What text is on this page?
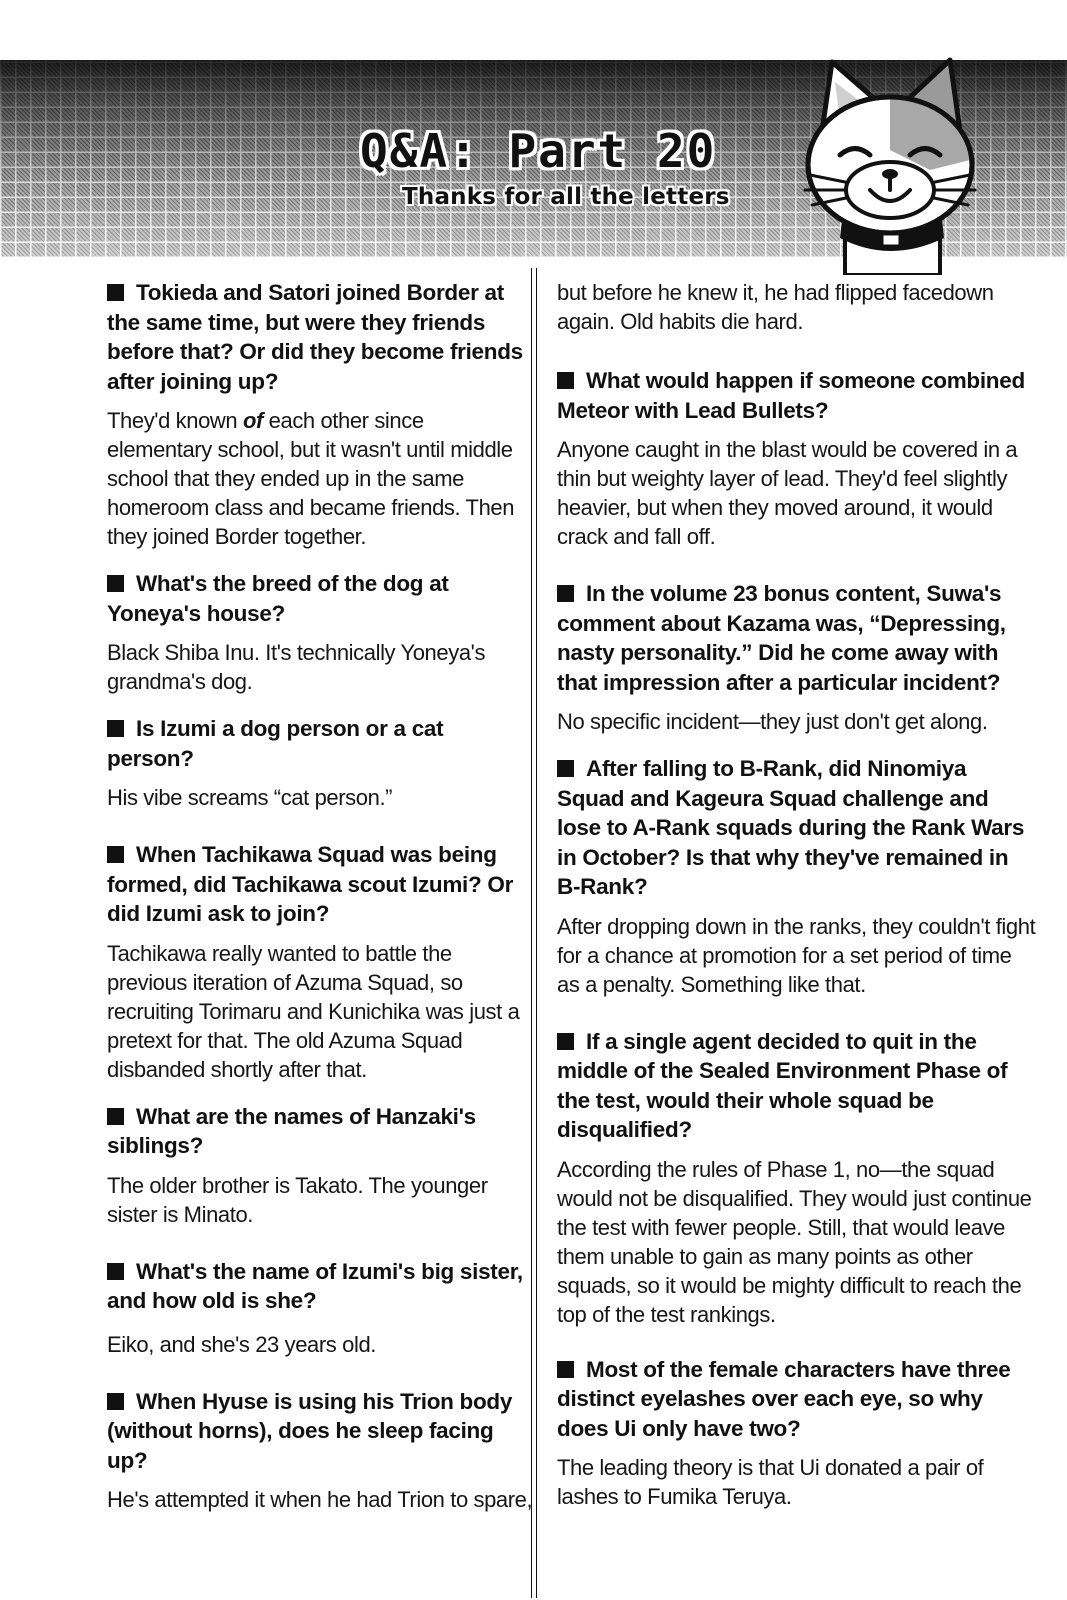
Q&A: Part 20
Thanks for all the letters

Tokieda and Satori joined Border at the same time, but were they friends before that? Or did they become friends after joining up?

They'd known of each other since elementary school, but it wasn't until middle school that they ended up in the same homeroom class and became friends. Then they joined Border together.

What's the breed of the dog at Yoneya's house?

Black Shiba Inu. It's technically Yoneya's grandma's dog.

Is Izumi a dog person or a cat person?

His vibe screams “cat person.”

When Tachikawa Squad was being formed, did Tachikawa scout Izumi? Or did Izumi ask to join?

Tachikawa really wanted to battle the previous iteration of Azuma Squad, so recruiting Torimaru and Kunichika was just a pretext for that. The old Azuma Squad disbanded shortly after that.

What are the names of Hanzaki's siblings?

The older brother is Takato. The younger sister is Minato.

What's the name of Izumi's big sister, and how old is she?

Eiko, and she's 23 years old.

When Hyuse is using his Trion body (without horns), does he sleep facing up?

He's attempted it when he had Trion to spare,

but before he knew it, he had flipped facedown again. Old habits die hard.

What would happen if someone combined Meteor with Lead Bullets?

Anyone caught in the blast would be covered in a thin but weighty layer of lead. They'd feel slightly heavier, but when they moved around, it would crack and fall off.

In the volume 23 bonus content, Suwa's comment about Kazama was, “Depressing, nasty personality.” Did he come away with that impression after a particular incident?

No specific incident—they just don't get along.

After falling to B-Rank, did Ninomiya Squad and Kageura Squad challenge and lose to A-Rank squads during the Rank Wars in October? Is that why they've remained in B-Rank?

After dropping down in the ranks, they couldn't fight for a chance at promotion for a set period of time as a penalty. Something like that.

If a single agent decided to quit in the middle of the Sealed Environment Phase of the test, would their whole squad be disqualified?

According the rules of Phase 1, no—the squad would not be disqualified. They would just continue the test with fewer people. Still, that would leave them unable to gain as many points as other squads, so it would be mighty difficult to reach the top of the test rankings.

Most of the female characters have three distinct eyelashes over each eye, so why does Ui only have two?

The leading theory is that Ui donated a pair of lashes to Fumika Teruya.
